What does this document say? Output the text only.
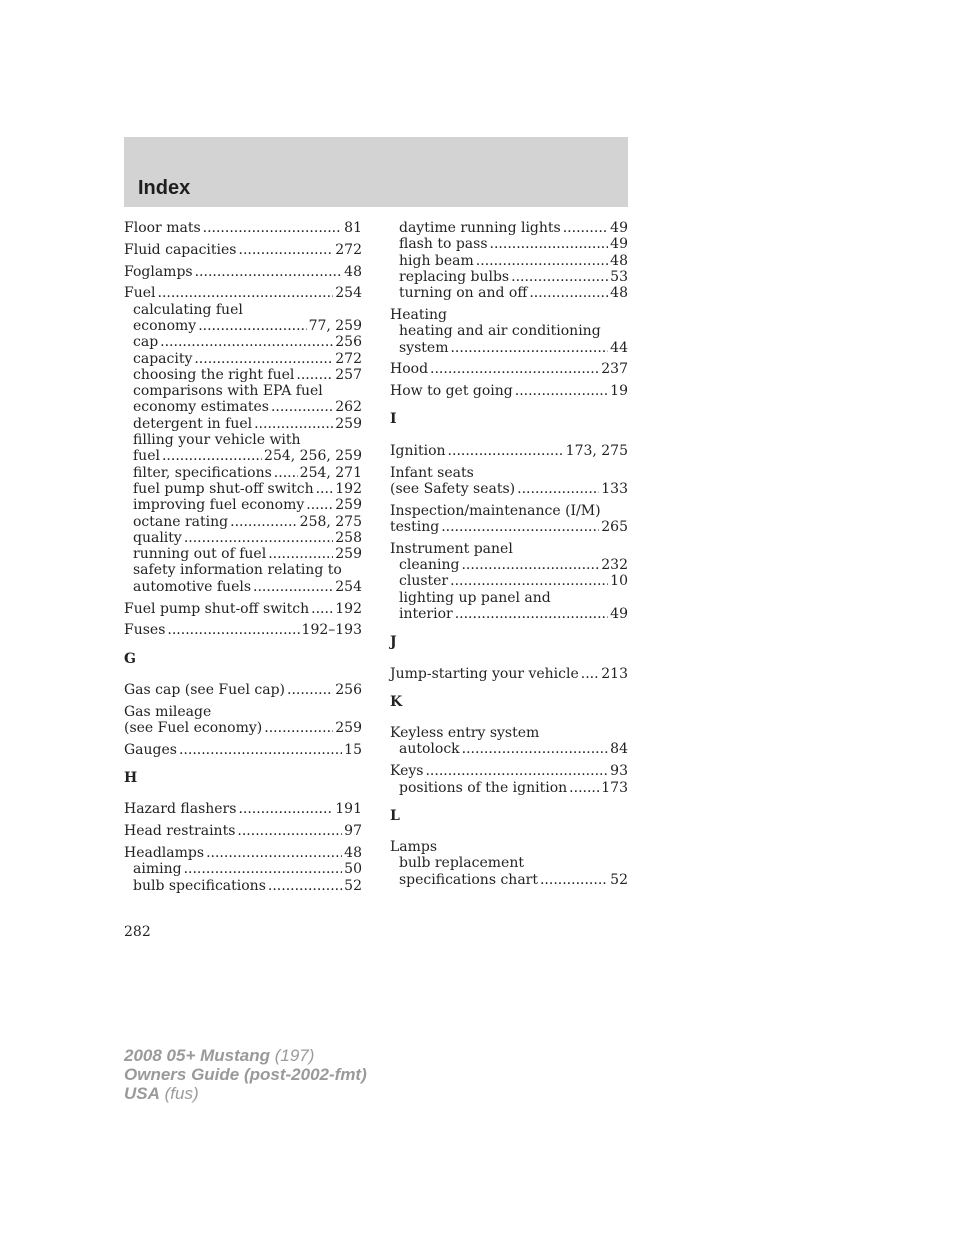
Index
Floor mats .....	81
Fluid capacities .....	272
Foglamps .....	48
Fuel .....	254
calculating fuel
economy .....	77, 259
cap .....	256
capacity .....	272
choosing the right fuel .....	257
comparisons with EPA fuel
economy estimates .....	262
detergent in fuel .....	259
filling your vehicle with
fuel .....	254, 256, 259
filter, specifications ..... 254, 271
fuel pump shut-off switch ..... 192
improving fuel economy ..... 259
octane rating .....	258, 275
quality .....	258
running out of fuel .....	259
safety information relating to
automotive fuels .....	254
Fuel pump shut-off switch ..... 192
Fuses .....	192–193
G
Gas cap (see Fuel cap) .....	256
Gas mileage
(see Fuel economy) .....	259
Gauges .....	15
H
Hazard flashers .....	191
Head restraints .....	97
Headlamps .....	48
aiming .....	50
bulb specifications .....	52
daytime running lights .....	49
flash to pass .....	49
high beam .....	48
replacing bulbs .....	53
turning on and off .....	48
Heating
heating and air conditioning
system .....	44
Hood .....	237
How to get going .....	19
I
Ignition .....	173, 275
Infant seats
(see Safety seats) .....	133
Inspection/maintenance (I/M)
testing .....	265
Instrument panel
cleaning .....	232
cluster .....	10
lighting up panel and
interior .....	49
J
Jump-starting your vehicle ..... 213
K
Keyless entry system
autolock .....	84
Keys .....	93
positions of the ignition ..... 173
L
Lamps
bulb replacement
specifications chart .....	52
282
2008 05+ Mustang (197)
Owners Guide (post-2002-fmt)
USA (fus)
